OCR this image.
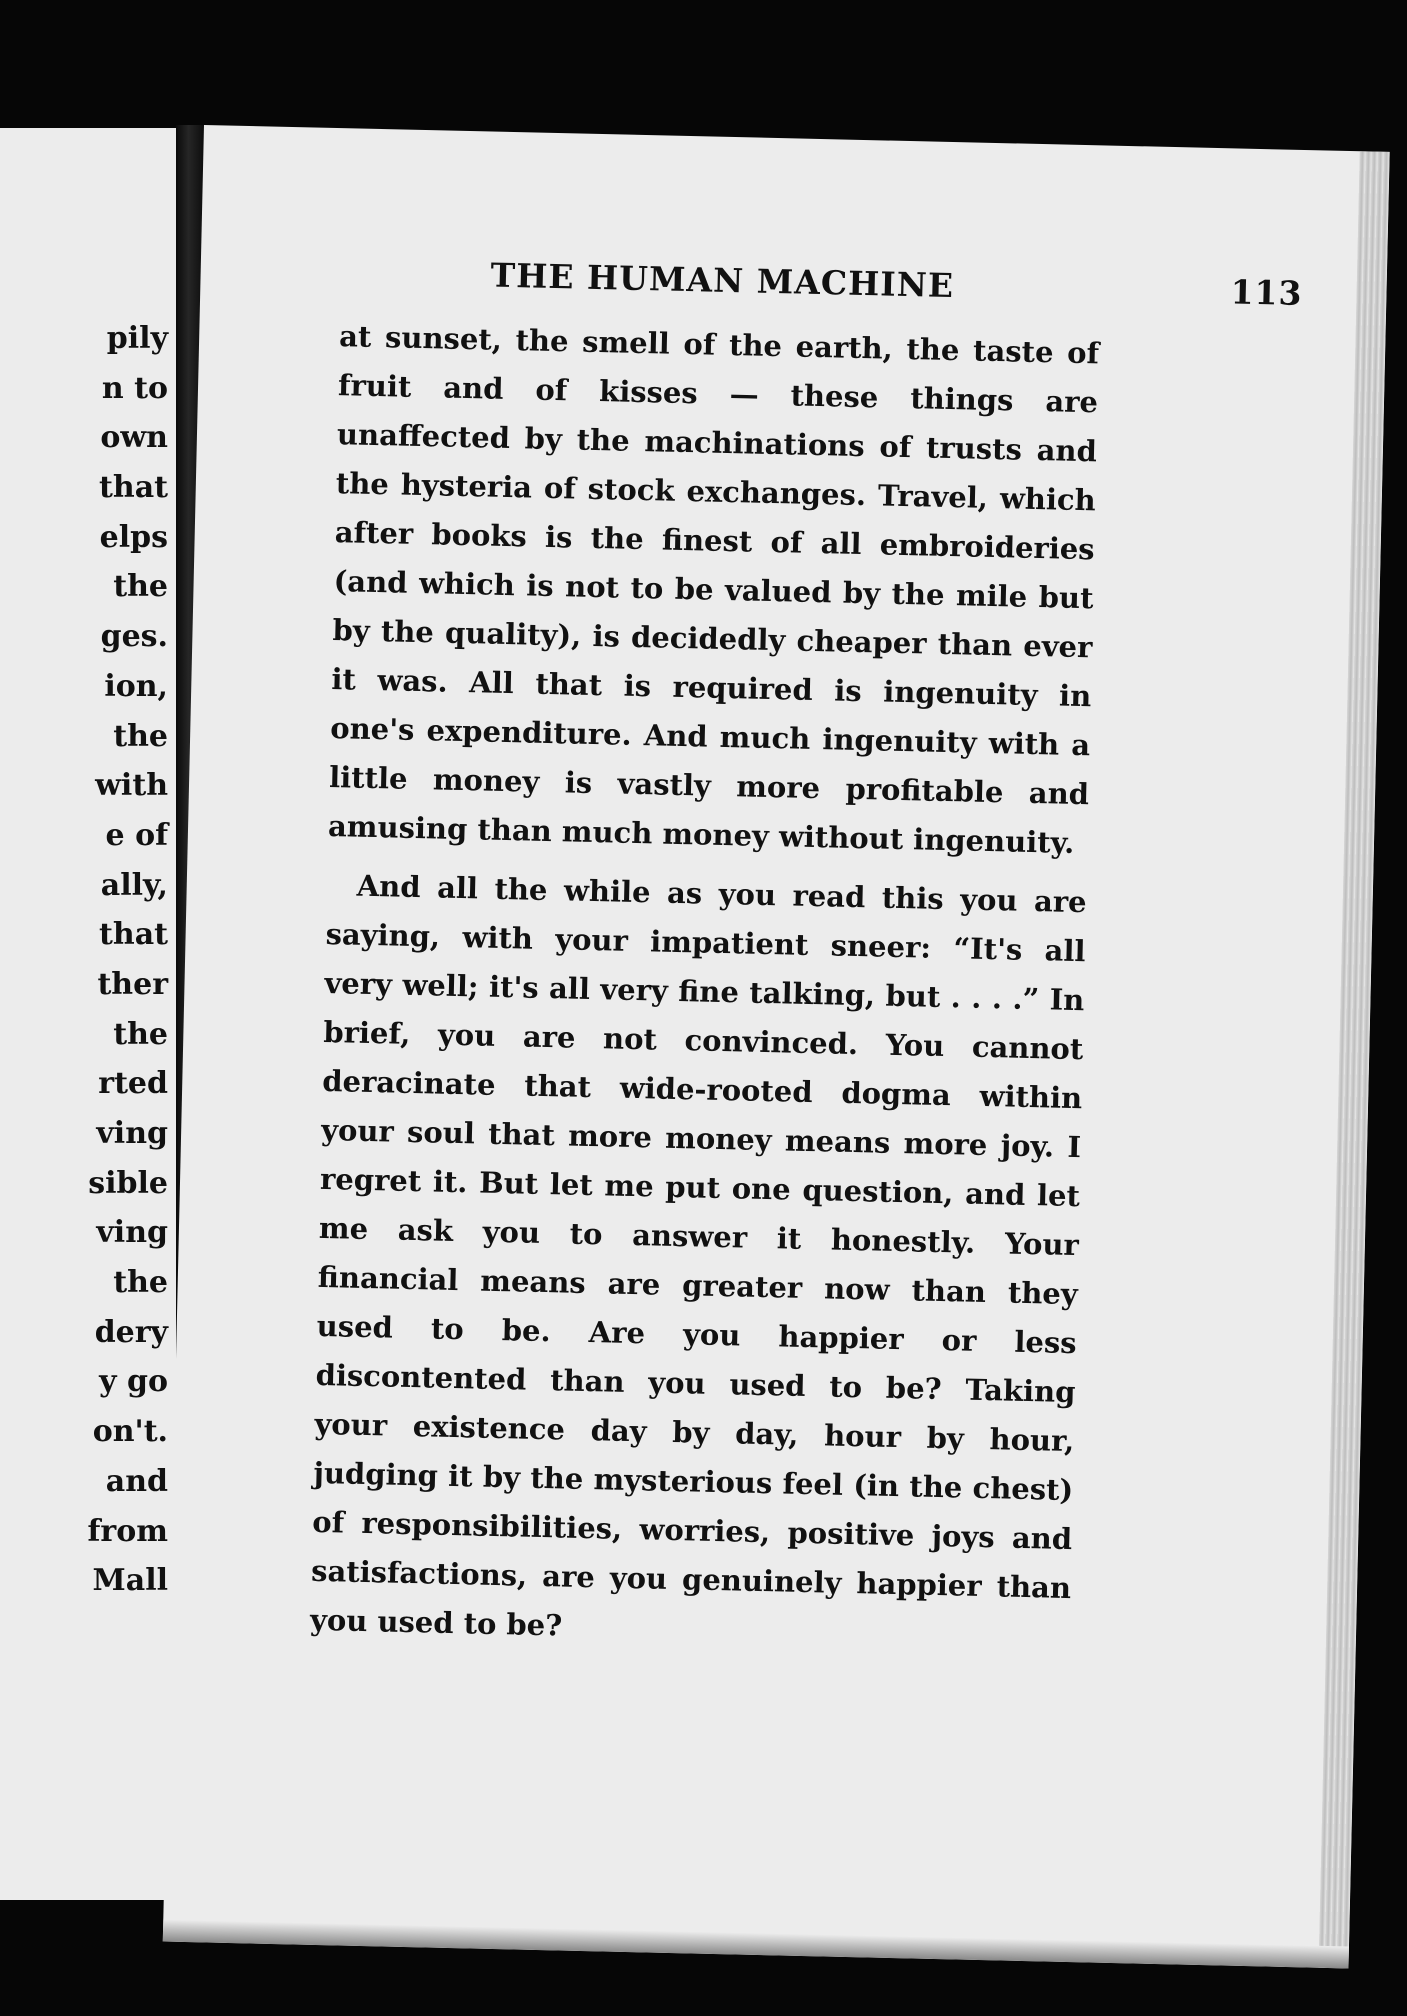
pily
n to
own
that
elps
the
ges.
ion,
the
with
e of
ally,
that
ther
the
rted
ving
sible
ving
the
dery
y go
on't.
and
from
Mall
THE HUMAN MACHINE	113

at sunset, the smell of the earth, the taste of fruit and of kisses — these things are unaffected by the machinations of trusts and the hysteria of stock exchanges. Travel, which after books is the finest of all embroideries (and which is not to be valued by the mile but by the quality), is decidedly cheaper than ever it was. All that is required is ingenuity in one's expenditure. And much ingenuity with a little money is vastly more profitable and amusing than much money without ingenuity.

And all the while as you read this you are saying, with your impatient sneer: “It's all very well; it's all very fine talking, but . . . .” In brief, you are not convinced. You cannot deracinate that wide-rooted dogma within your soul that more money means more joy. I regret it. But let me put one question, and let me ask you to answer it honestly. Your financial means are greater now than they used to be. Are you happier or less discontented than you used to be? Taking your existence day by day, hour by hour, judging it by the mysterious feel (in the chest) of responsibilities, worries, positive joys and satisfactions, are you genuinely happier than you used to be?
